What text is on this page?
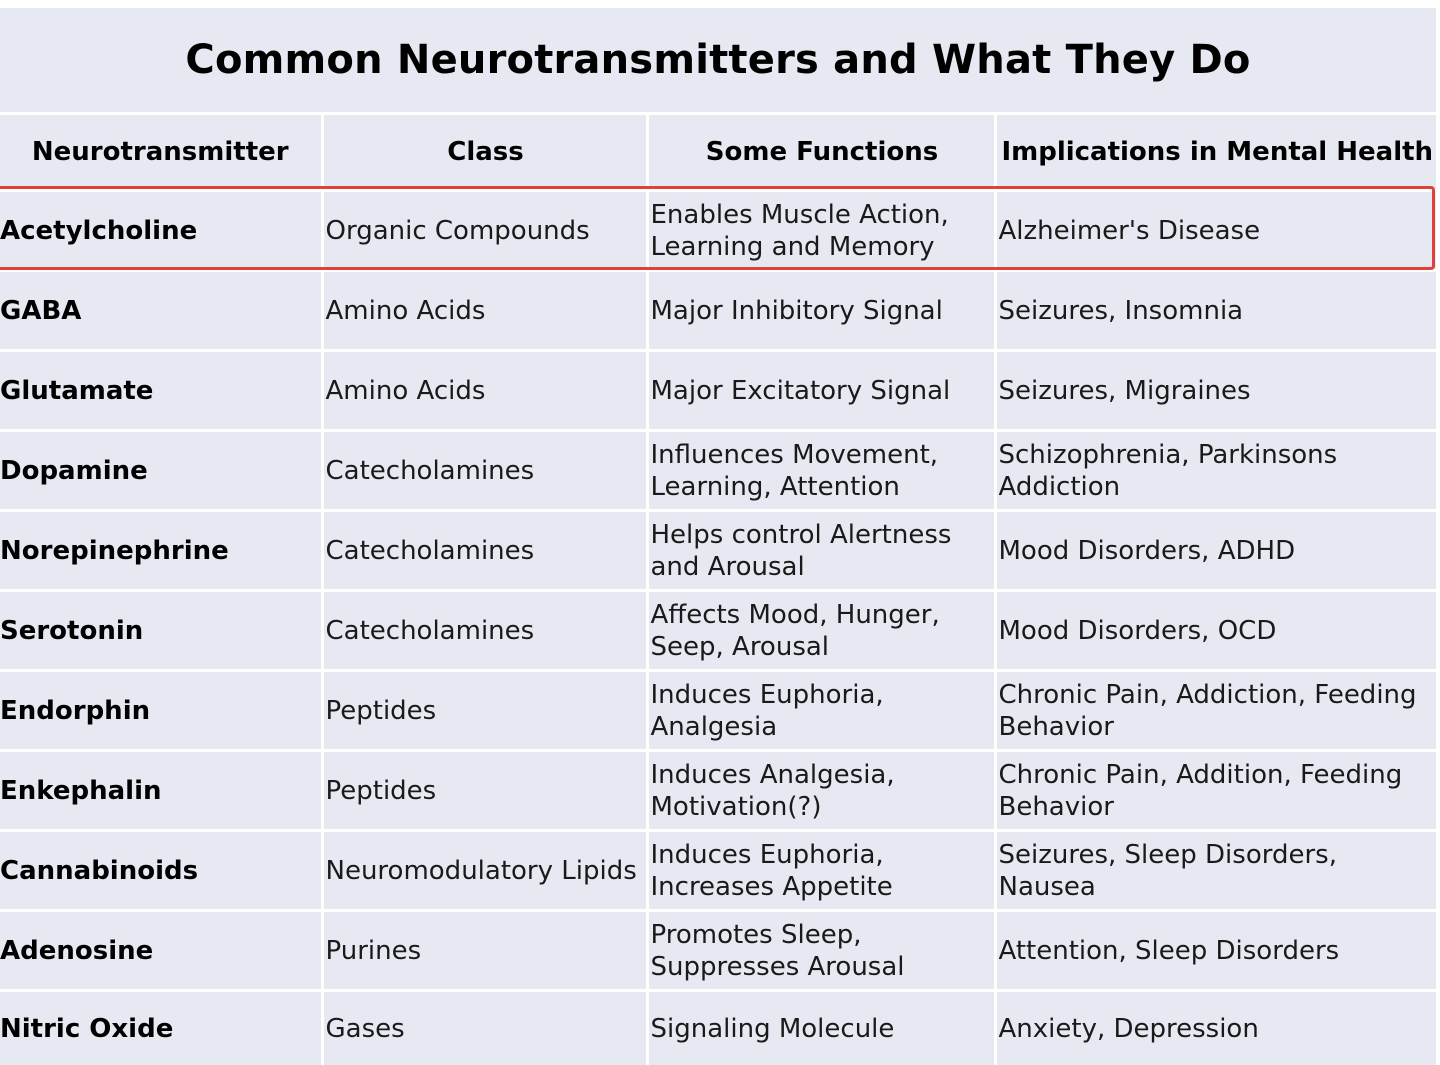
Common Neurotransmitters and What They Do
Neurotransmitter	Class	Some Functions	Implications in Mental Health
Acetylcholine	Organic Compounds	Enables Muscle Action, Learning and Memory	Alzheimer's Disease
GABA	Amino Acids	Major Inhibitory Signal	Seizures, Insomnia
Glutamate	Amino Acids	Major Excitatory Signal	Seizures, Migraines
Dopamine	Catecholamines	Influences Movement, Learning, Attention	Schizophrenia, Parkinsons Addiction
Norepinephrine	Catecholamines	Helps control Alertness and Arousal	Mood Disorders, ADHD
Serotonin	Catecholamines	Affects Mood, Hunger, Seep, Arousal	Mood Disorders, OCD
Endorphin	Peptides	Induces Euphoria, Analgesia	Chronic Pain, Addiction, Feeding Behavior
Enkephalin	Peptides	Induces Analgesia, Motivation(?)	Chronic Pain, Addition, Feeding Behavior
Cannabinoids	Neuromodulatory Lipids	Induces Euphoria, Increases Appetite	Seizures, Sleep Disorders, Nausea
Adenosine	Purines	Promotes Sleep, Suppresses Arousal	Attention, Sleep Disorders
Nitric Oxide	Gases	Signaling Molecule	Anxiety, Depression
